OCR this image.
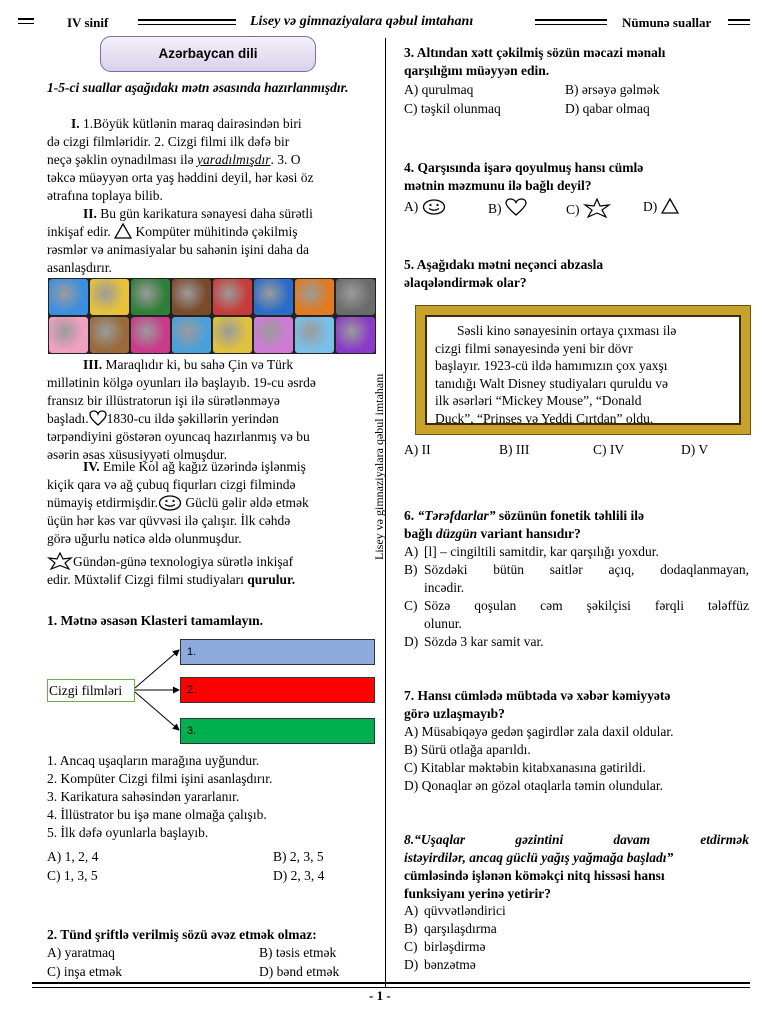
IV sinif	Lisey və gimnaziyalara qəbul imtahanı	Nümunə suallar
Lisey və gimnaziyalara qəbul imtahanı
Azərbaycan dili
1-5-ci suallar aşağıdakı mətn əsasında hazırlanmışdır.
I. 1.Böyük kütlənin maraq dairəsindən biri
də cizgi filmləridir. 2. Cizgi filmi ilk dəfə bir
neçə şəklin oynadılması ilə yaradılmışdır. 3. O
təkcə müəyyən orta yaş həddini deyil, hər kəsi öz
ətrafına toplaya bilib.
II. Bu gün karikatura sənayesi daha sürətli
inkişaf edir.
Kompüter mühitində çəkilmiş
rəsmlər və animasiyalar bu sahənin işini daha da
asanlaşdırır.
III. Maraqlıdır ki, bu sahə Çin və Türk
millətinin kölgə oyunları ilə başlayıb. 19-cu əsrdə
fransız bir illüstratorun işi ilə sürətlənməyə
başladı. 1830-cu ildə şəkillərin yerindən
tərpəndiyini göstərən oyuncaq hazırlanmış və bu
əsərin əsas xüsusiyyəti olmuşdur.
IV. Emile Kol ağ kağız üzərində işlənmiş
kiçik qara və ağ çubuq fiqurları cizgi filmində
nümayiş etdirmişdir.
Güclü gəlir əldə etmək
üçün hər kəs var qüvvəsi ilə çalışır. İlk cəhdə
görə uğurlu nəticə əldə olunmuşdur.
Gündən-günə texnologiya sürətlə inkişaf
edir. Müxtəlif Cizgi filmi studiyaları qurulur.
1. Mətnə əsasən Klasteri tamamlayın.
Cizgi filmləri
1.
2.
3.
1. Ancaq uşaqların marağına uyğundur.
2. Kompüter Cizgi filmi işini asanlaşdırır.
3. Karikatura sahəsindən yararlanır.
4. İllüstrator bu işə mane olmağa çalışıb.
5. İlk dəfə oyunlarla başlayıb.
A) 1, 2, 4	B) 2, 3, 5
C) 1, 3, 5	D) 2, 3, 4
2. Tünd şriftlə verilmiş sözü əvəz etmək olmaz:
A) yaratmaq	B) təsis etmək
C) inşa etmək	D) bənd etmək
3. Altından xətt çəkilmiş sözün məcazi mənalı
qarşılığını müəyyən edin.
A) qurulmaq	B) ərsəyə gəlmək
C) təşkil olunmaq	D) qabar olmaq
4. Qarşısında işarə qoyulmuş hansı cümlə
mətnin məzmunu ilə bağlı deyil?
A)	B)	C)	D)
5. Aşağıdakı mətni neçənci abzasla
əlaqələndirmək olar?
Səsli kino sənayesinin ortaya çıxması ilə
cizgi filmi sənayesində yeni bir dövr
başlayır. 1923-cü ildə hamımızın çox yaxşı
tanıdığı Walt Disney studiyaları quruldu və
ilk əsərləri “Mickey Mouse”, “Donald
Duck”, “Prinses və Yeddi Cırtdan” oldu.
A) II	B) III	C) IV	D) V
6. “Tərəfdarlar” sözünün fonetik təhlili ilə
bağlı düzgün variant hansıdır?
A) [l] – cingiltili samitdir, kar qarşılığı yoxdur.
B) Sözdəki bütün saitlər açıq, dodaqlanmayan,
incədir.
C) Sözə qoşulan cəm şəkilçisi fərqli tələffüz
olunur.
D) Sözdə 3 kar samit var.
7. Hansı cümlədə mübtəda və xəbər kəmiyyətə
görə uzlaşmayıb?
A) Müsabiqəyə gedən şagirdlər zala daxil oldular.
B) Sürü otlağa aparıldı.
C) Kitablar məktəbin kitabxanasına gətirildi.
D) Qonaqlar ən gözəl otaqlarla təmin olundular.
8.“Uşaqlar gəzintini davam etdirmək
istəyirdilər, ancaq güclü yağış yağmağa başladı”
cümləsində işlənən köməkçi nitq hissəsi hansı
funksiyanı yerinə yetirir?
A) qüvvətləndirici
B) qarşılaşdırma
C) birləşdirmə
D) bənzətmə
- 1 -
